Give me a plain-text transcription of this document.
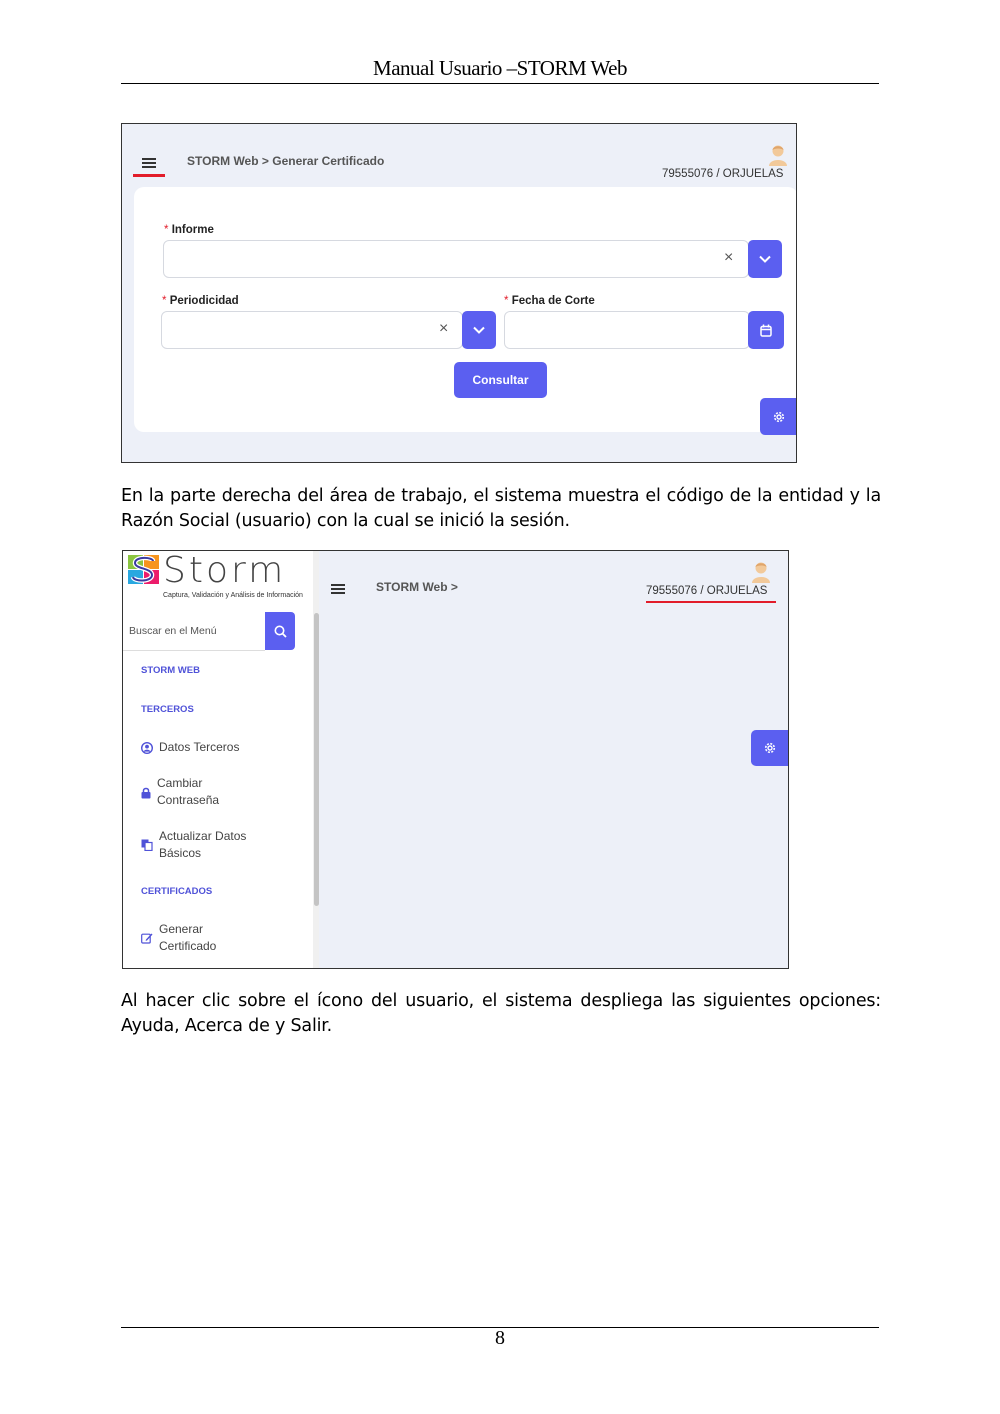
Manual Usuario –STORM Web
STORM Web > Generar Certificado
79555076 / ORJUELAS
* Informe
×
* Periodicidad
×
* Fecha de Corte
Consultar
En la parte derecha del área de trabajo, el sistema muestra el código de la entidad y la Razón Social (usuario) con la cual se inició la sesión.
Storm
Captura, Validación y Análisis de Información
Buscar en el Menú
STORM WEB
TERCEROS
Datos Terceros
Cambiar
Contraseña
Actualizar Datos
Básicos
CERTIFICADOS
Generar
Certificado
STORM Web >	79555076 / ORJUELAS
Al hacer clic sobre el ícono del usuario, el sistema despliega las siguientes opciones: Ayuda, Acerca de y Salir.
8
